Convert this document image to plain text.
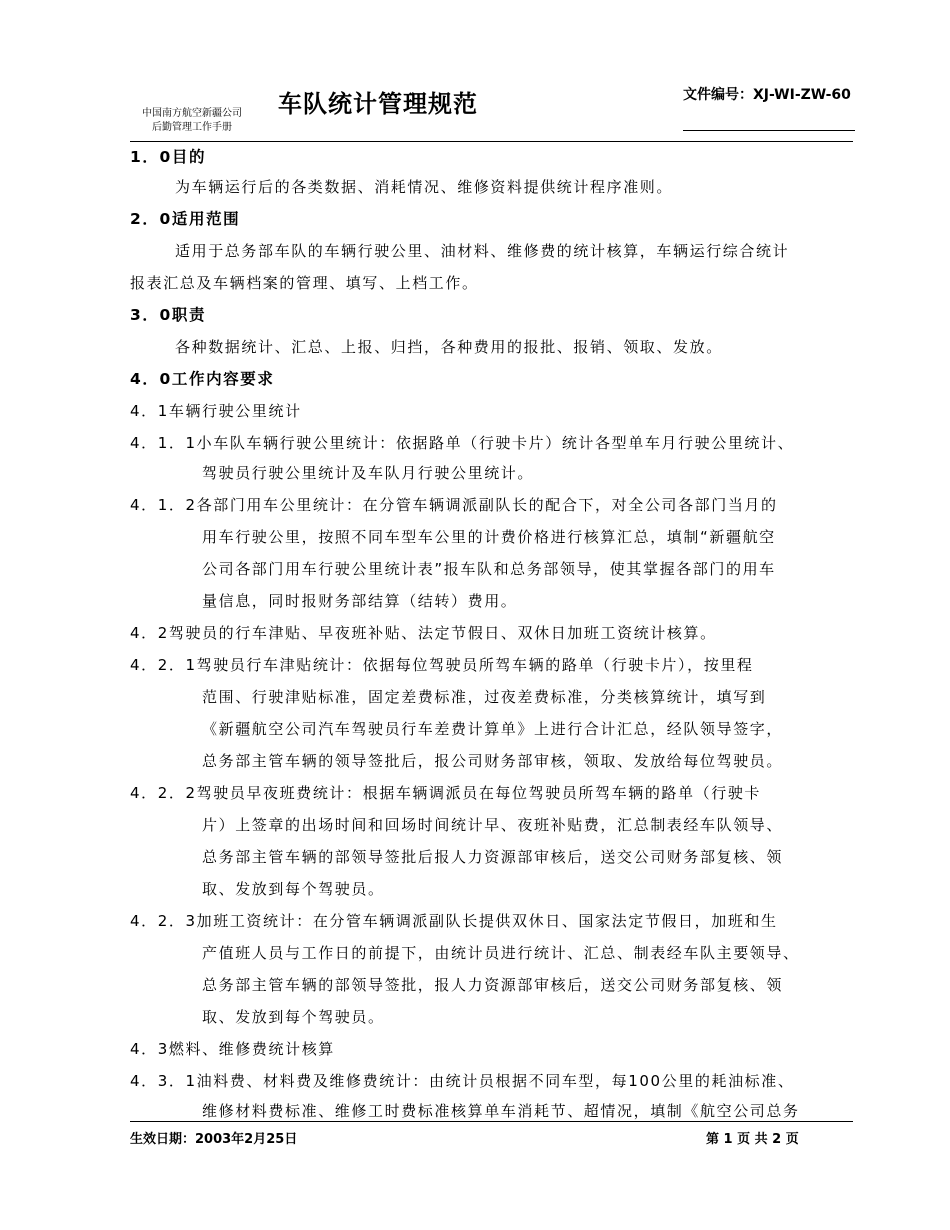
中国南方航空新疆公司
后勤管理工作手册
车队统计管理规范	文件编号：XJ-WI-ZW-60
1．0目的
为车辆运行后的各类数据、消耗情况、维修资料提供统计程序准则。
2．0适用范围
适用于总务部车队的车辆行驶公里、油材料、维修费的统计核算，车辆运行综合统计
报表汇总及车辆档案的管理、填写、上档工作。
3．0职责
各种数据统计、汇总、上报、归挡，各种费用的报批、报销、领取、发放。
4．0工作内容要求
4．1车辆行驶公里统计
4．1．1小车队车辆行驶公里统计：依据路单（行驶卡片）统计各型单车月行驶公里统计、
驾驶员行驶公里统计及车队月行驶公里统计。
4．1．2各部门用车公里统计：在分管车辆调派副队长的配合下，对全公司各部门当月的
用车行驶公里，按照不同车型车公里的计费价格进行核算汇总，填制“新疆航空
公司各部门用车行驶公里统计表”报车队和总务部领导，使其掌握各部门的用车
量信息，同时报财务部结算（结转）费用。
4．2驾驶员的行车津贴、早夜班补贴、法定节假日、双休日加班工资统计核算。
4．2．1驾驶员行车津贴统计：依据每位驾驶员所驾车辆的路单（行驶卡片），按里程
范围、行驶津贴标准，固定差费标准，过夜差费标准，分类核算统计，填写到
《新疆航空公司汽车驾驶员行车差费计算单》上进行合计汇总，经队领导签字，
总务部主管车辆的领导签批后，报公司财务部审核，领取、发放给每位驾驶员。
4．2．2驾驶员早夜班费统计：根据车辆调派员在每位驾驶员所驾车辆的路单（行驶卡
片）上签章的出场时间和回场时间统计早、夜班补贴费，汇总制表经车队领导、
总务部主管车辆的部领导签批后报人力资源部审核后，送交公司财务部复核、领
取、发放到每个驾驶员。
4．2．3加班工资统计：在分管车辆调派副队长提供双休日、国家法定节假日，加班和生
产值班人员与工作日的前提下，由统计员进行统计、汇总、制表经车队主要领导、
总务部主管车辆的部领导签批，报人力资源部审核后，送交公司财务部复核、领
取、发放到每个驾驶员。
4．3燃料、维修费统计核算
4．3．1油料费、材料费及维修费统计：由统计员根据不同车型，每100公里的耗油标准、
维修材料费标准、维修工时费标准核算单车消耗节、超情况，填制《航空公司总务
生效日期：2003年2月25日	第 1 页 共 2 页
